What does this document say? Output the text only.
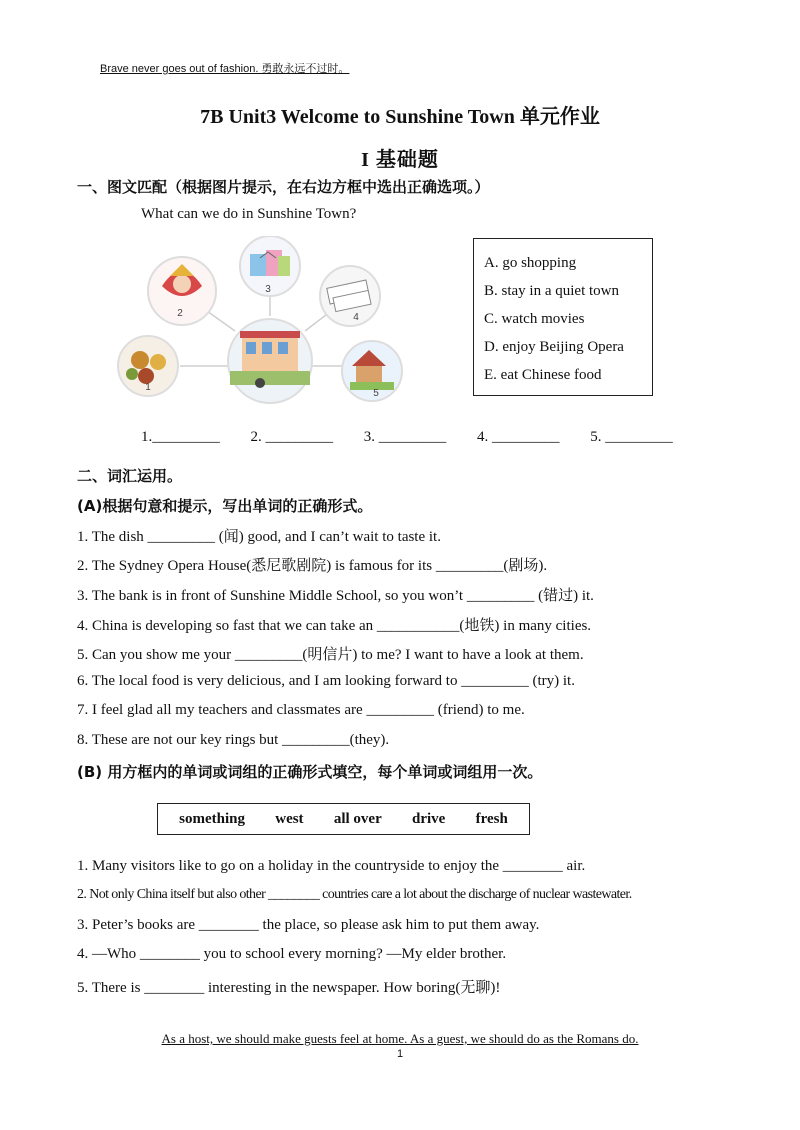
Brave never goes out of fashion. 勇敢永远不过时。
7B Unit3 Welcome to Sunshine Town 单元作业
I 基础题
一、图文匹配（根据图片提示，在右边方框中选出正确选项。）
What can we do in Sunshine Town?
1
2
3
4
5
A. go shopping
B. stay in a quiet town
C. watch movies
D. enjoy Beijing Opera
E. eat Chinese food
1._________ 2. _________ 3. _________ 4. _________ 5. _________
二、词汇运用。
(A)根据句意和提示，写出单词的正确形式。
1. The dish _________ (闻) good, and I can’t wait to taste it.
2. The Sydney Opera House(悉尼歌剧院) is famous for its _________(剧场).
3. The bank is in front of Sunshine Middle School, so you won’t _________ (错过) it.
4. China is developing so fast that we can take an ___________(地铁) in many cities.
5. Can you show me your _________(明信片) to me? I want to have a look at them.
6. The local food is very delicious, and I am looking forward to _________ (try) it.
7. I feel glad all my teachers and classmates are _________ (friend) to me.
8. These are not our key rings but _________(they).
(B) 用方框内的单词或词组的正确形式填空，每个单词或词组用一次。
something west all over drive fresh
1. Many visitors like to go on a holiday in the countryside to enjoy the ________ air.
2. Not only China itself but also other ________ countries care a lot about the discharge of nuclear wastewater.
3. Peter’s books are ________ the place, so please ask him to put them away.
4. —Who ________ you to school every morning? —My elder brother.
5. There is ________ interesting in the newspaper. How boring(无聊)!
As a host, we should make guests feel at home. As a guest, we should do as the Romans do.
1
